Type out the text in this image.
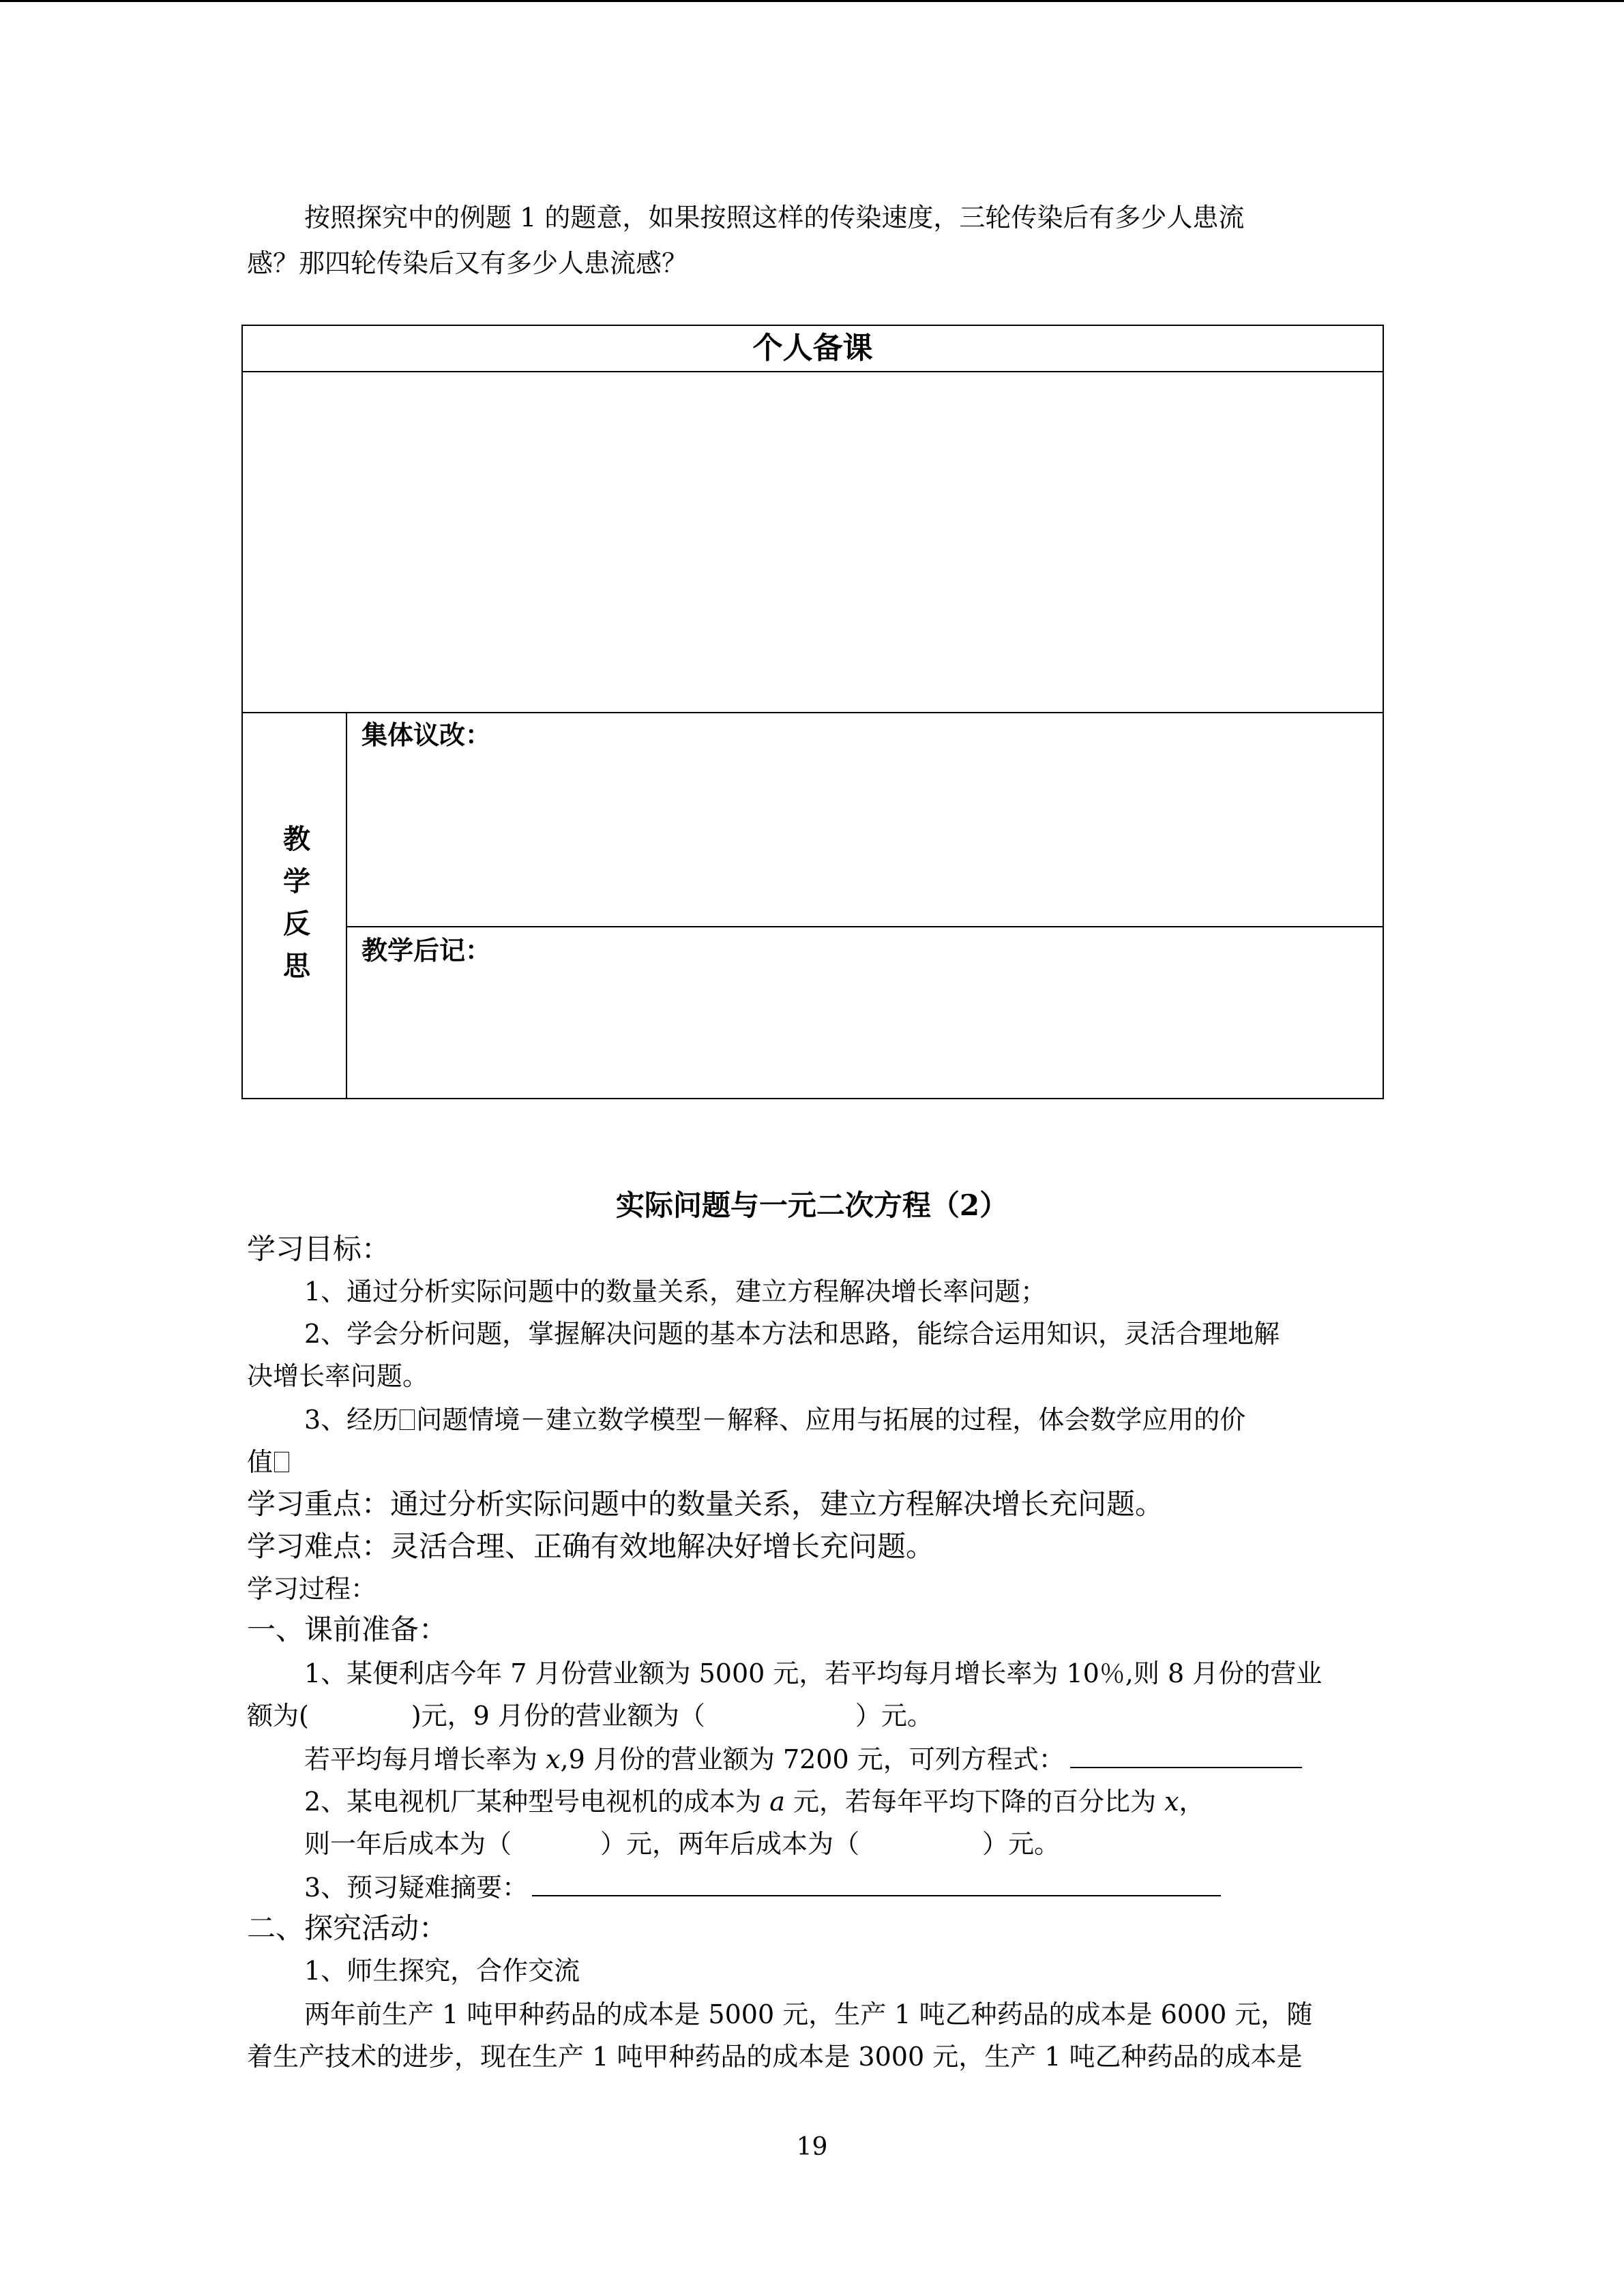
按照探究中的例题 1 的题意，如果按照这样的传染速度，三轮传染后有多少人患流
感？那四轮传染后又有多少人患流感？
个人备课
教
学
反
思
集体议改：
教学后记：
实际问题与一元二次方程（2）
学习目标：
1、通过分析实际问题中的数量关系，建立方程解决增长率问题；
2、学会分析问题，掌握解决问题的基本方法和思路，能综合运用知识，灵活合理地解
决增长率问题。
3、经历 问题情境－建立数学模型－解释、应用与拓展的过程，体会数学应用的价
值
学习重点：通过分析实际问题中的数量关系，建立方程解决增长充问题。
学习难点：灵活合理、正确有效地解决好增长充问题。
学习过程：
一、课前准备：
1、某便利店今年 7 月份营业额为 5000 元，若平均每月增长率为 10％,则 8 月份的营业
额为(	)元，9 月份的营业额为（	）元。
若平均每月增长率为 x,9 月份的营业额为 7200 元，可列方程式：
2、某电视机厂某种型号电视机的成本为 a 元，若每年平均下降的百分比为 x，
则一年后成本为（	）元，两年后成本为（	）元。
3、预习疑难摘要：
二、探究活动：
1、师生探究，合作交流
两年前生产 1 吨甲种药品的成本是 5000 元，生产 1 吨乙种药品的成本是 6000 元，随
着生产技术的进步，现在生产 1 吨甲种药品的成本是 3000 元，生产 1 吨乙种药品的成本是
19
